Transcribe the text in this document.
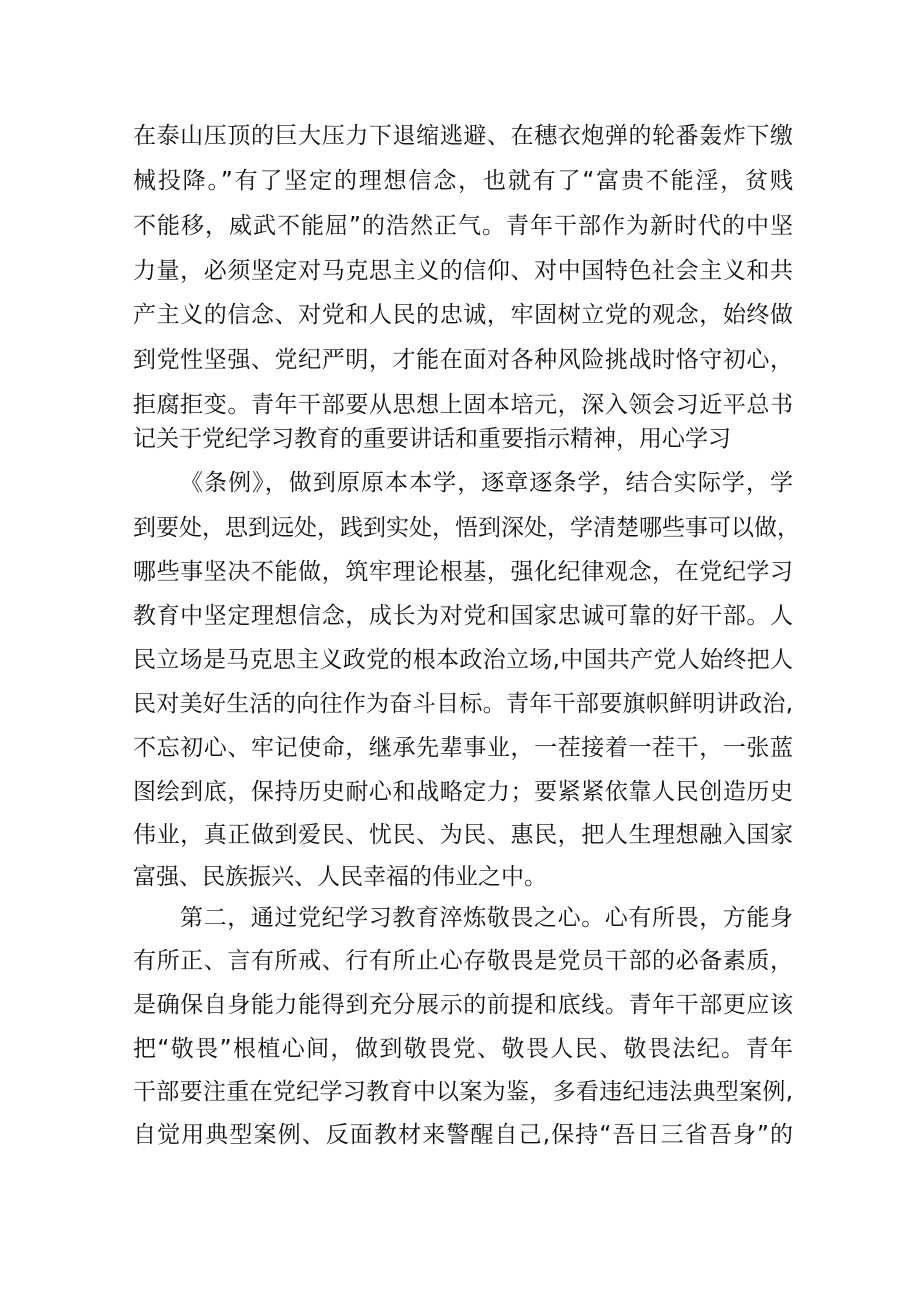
在泰山压顶的巨大压力下退缩逃避、在穗衣炮弹的轮番轰炸下缴
械投降。”有了坚定的理想信念，也就有了“富贵不能淫，贫贱
不能移，威武不能屈”的浩然正气。青年干部作为新时代的中坚
力量，必须坚定对马克思主义的信仰、对中国特色社会主义和共
产主义的信念、对党和人民的忠诚，牢固树立党的观念，始终做
到党性坚强、党纪严明，才能在面对各种风险挑战时恪守初心，
拒腐拒变。青年干部要从思想上固本培元，深入领会习近平总书
记关于党纪学习教育的重要讲话和重要指示精神，用心学习
《条例》，做到原原本本学，逐章逐条学，结合实际学，学
到要处，思到远处，践到实处，悟到深处，学清楚哪些事可以做，
哪些事坚决不能做，筑牢理论根基，强化纪律观念，在党纪学习
教育中坚定理想信念，成长为对党和国家忠诚可靠的好干部。人
民立场是马克思主义政党的根本政治立场,中国共产党人始终把人
民对美好生活的向往作为奋斗目标。青年干部要旗帜鲜明讲政治,
不忘初心、牢记使命，继承先辈事业，一茬接着一茬干，一张蓝
图绘到底，保持历史耐心和战略定力；要紧紧依靠人民创造历史
伟业，真正做到爱民、忧民、为民、惠民，把人生理想融入国家
富强、民族振兴、人民幸福的伟业之中。
第二，通过党纪学习教育淬炼敬畏之心。心有所畏，方能身
有所正、言有所戒、行有所止心存敬畏是党员干部的必备素质，
是确保自身能力能得到充分展示的前提和底线。青年干部更应该
把“敬畏”根植心间，做到敬畏党、敬畏人民、敬畏法纪。青年
干部要注重在党纪学习教育中以案为鉴，多看违纪违法典型案例,
自觉用典型案例、反面教材来警醒自己,保持“吾日三省吾身”的
